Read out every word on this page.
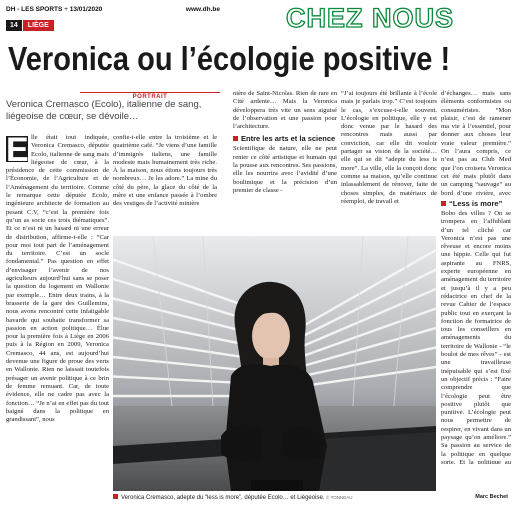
DH - LES SPORTS + 13/01/2020	www.dh.be
14 LIÈGE	CHEZ NOUS
Veronica ou l’écologie positive !
PORTRAIT
Veronica Cremasco (Ecolo), italienne de sang, liégeoise de cœur, se dévoile…
E lle était tout indiquée, Veronica Cremasco, députée Ecolo, italienne de sang mais liégeoise de cœur, à la présidence de cette commission de l’Économie, de l’Agriculture et de l’Aménagement du territoire. Comme le remarque cette députée Ecolo, ingénieure architecte de formation au pesant C.V, “c’est la première fois qu’un as socie ces trois thématiques”. Et ce n’est ni un hasard ni une erreur de distribution, affirme-t-elle : “Car pour moi tout part de l’aménagement du territoire. C’est un socle fondamental.” Pas question en effet d’envisager l’avenir de nos agriculteurs aujourd’hui sans se poser la question du logement en Wallonie par exemple… Entre deux trains, à la brasserie de la gare des Guillemins, nous avons rencontré cette infatigable bavarde qui souhaite transformer sa passion en action politique… Élue pour la première fois à Liège en 2006 puis à la Région en 2009, Veronica Cremasco, 44 ans, est aujourd’hui devenue une figure de proue des verts en Wallonie. Rien ne laissait toutefois présager un avenir politique à ce brin de femme remuant. Car, de toute évidence, elle ne cadre pas avec la fonction… “Je n’ai en effet pas du tout baigné dans la politique en grandissant”, nous

confie-t-elle entre la troisième et le quatrième café. “Je viens d’une famille d’immigrés italiens, une famille modeste mais humainement très riche. À la maison, nous étions toujours très nombreux… Je les adore.” La mine du côté du père, la glace du côté de la mère et une enfance passée à l’ombre des vestiges de l’activité minière

nière de Saint-Nicolas. Rien de rare en Cité ardente… Mais la Veronica développera très vite un sens aiguisé de l’observation et une passion pour l’architecture.

Entre les arts et la science

Scientifique de nature, elle ne peut renier ce côté artistique et humain qui la pousse aux rencontres. Ses passions, elle les nourrira avec l’avidité d’une boulimique et la précision d’un premier de classe -

“J’ai toujours été brillante à l’école mais je parlais trop.” C’est toujours le cas, s’excuse-t-elle souvent. L’écologie en politique, elle y est donc venue par le hasard des rencontres mais aussi par conviction, car elle dit vouloir partager sa vision de la société… elle qui se dit “adepte du less is more”. La ville, elle la conçoit donc comme sa maison, qu’elle continue inlassablement de rénover, faite de choses simples, de matériaux de réemploi, de travail et

d’échanges… mais sans éléments conformistes ou consuméristes. “Mon plaisir, c’est de ramener ma vie à l’essentiel, pour donner aux choses leur vraie valeur première.” On l’aura compris, ce n’est pas au Club Med que l’on croisera Veronica cet été mais plutôt dans un camping “sauvage” au bord d’une rivière, avec

“Less is more”

Bobo des villes ? On se trompera en l’affublant d’un tel cliché car Veronica n’est pas une rêveuse et encore moins une hippie. Celle qui fut aspirante au FNRS, experte européenne en aménagement du territoire et jusqu’à il y a peu rédactrice en chef de la revue Cahier de l’espace public tout en exerçant la fonction de formatrice de tous les conseillers en aménagements du territoire de Wallonie - “le boulot de mes rêves” - est une travailleuse inépuisable qui s’est fixé un objectif précis : “Faire comprendre que l’écologie peut être positive plutôt que punitive. L’écologie peut nous permettre de respirer, en vivant dans un paysage qu’on améliore.” Sa passion au service de la politique en quelque sorte. Et la politique au

Veronica Cremasco, adepte du “less is more”, députée Ecolo… et Liégeoise. © TONNEAU	Marc Bechet
